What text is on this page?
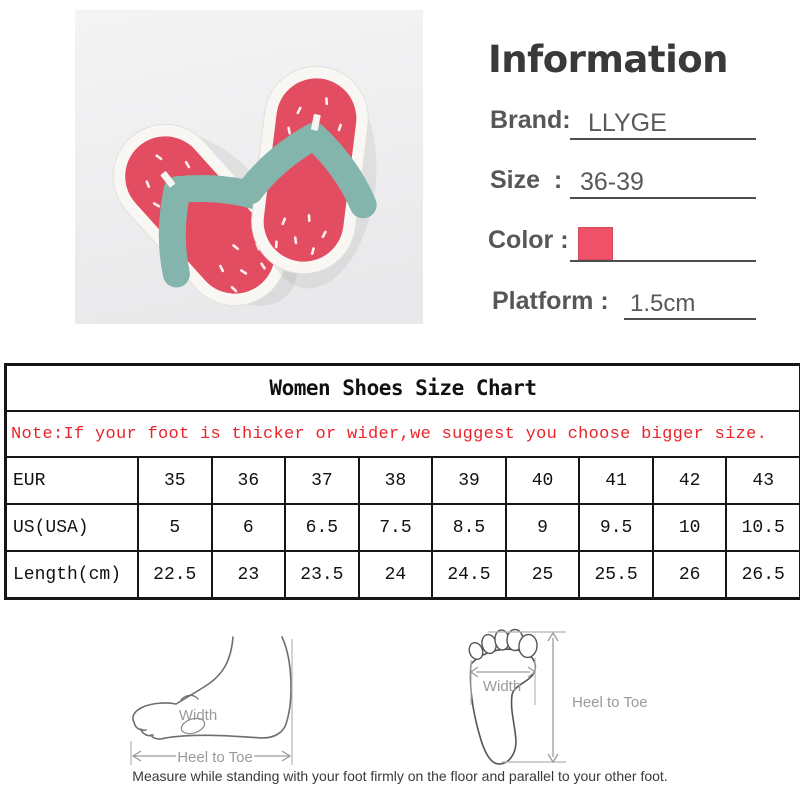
Information
Brand: LLYGE
Size  : 36-39
Color :
Platform : 1.5cm
Women Shoes Size Chart
Note:If your foot is thicker or wider,we suggest you choose bigger size.
EUR	35	36	37	38	39	40	41	42	43
US(USA)	5	6	6.5	7.5	8.5	9	9.5	10	10.5
Length(cm)	22.5	23	23.5	24	24.5	25	25.5	26	26.5
Width
Heel to Toe
Width
Heel to Toe
Measure while standing with your foot firmly on the floor and parallel to your other foot.
